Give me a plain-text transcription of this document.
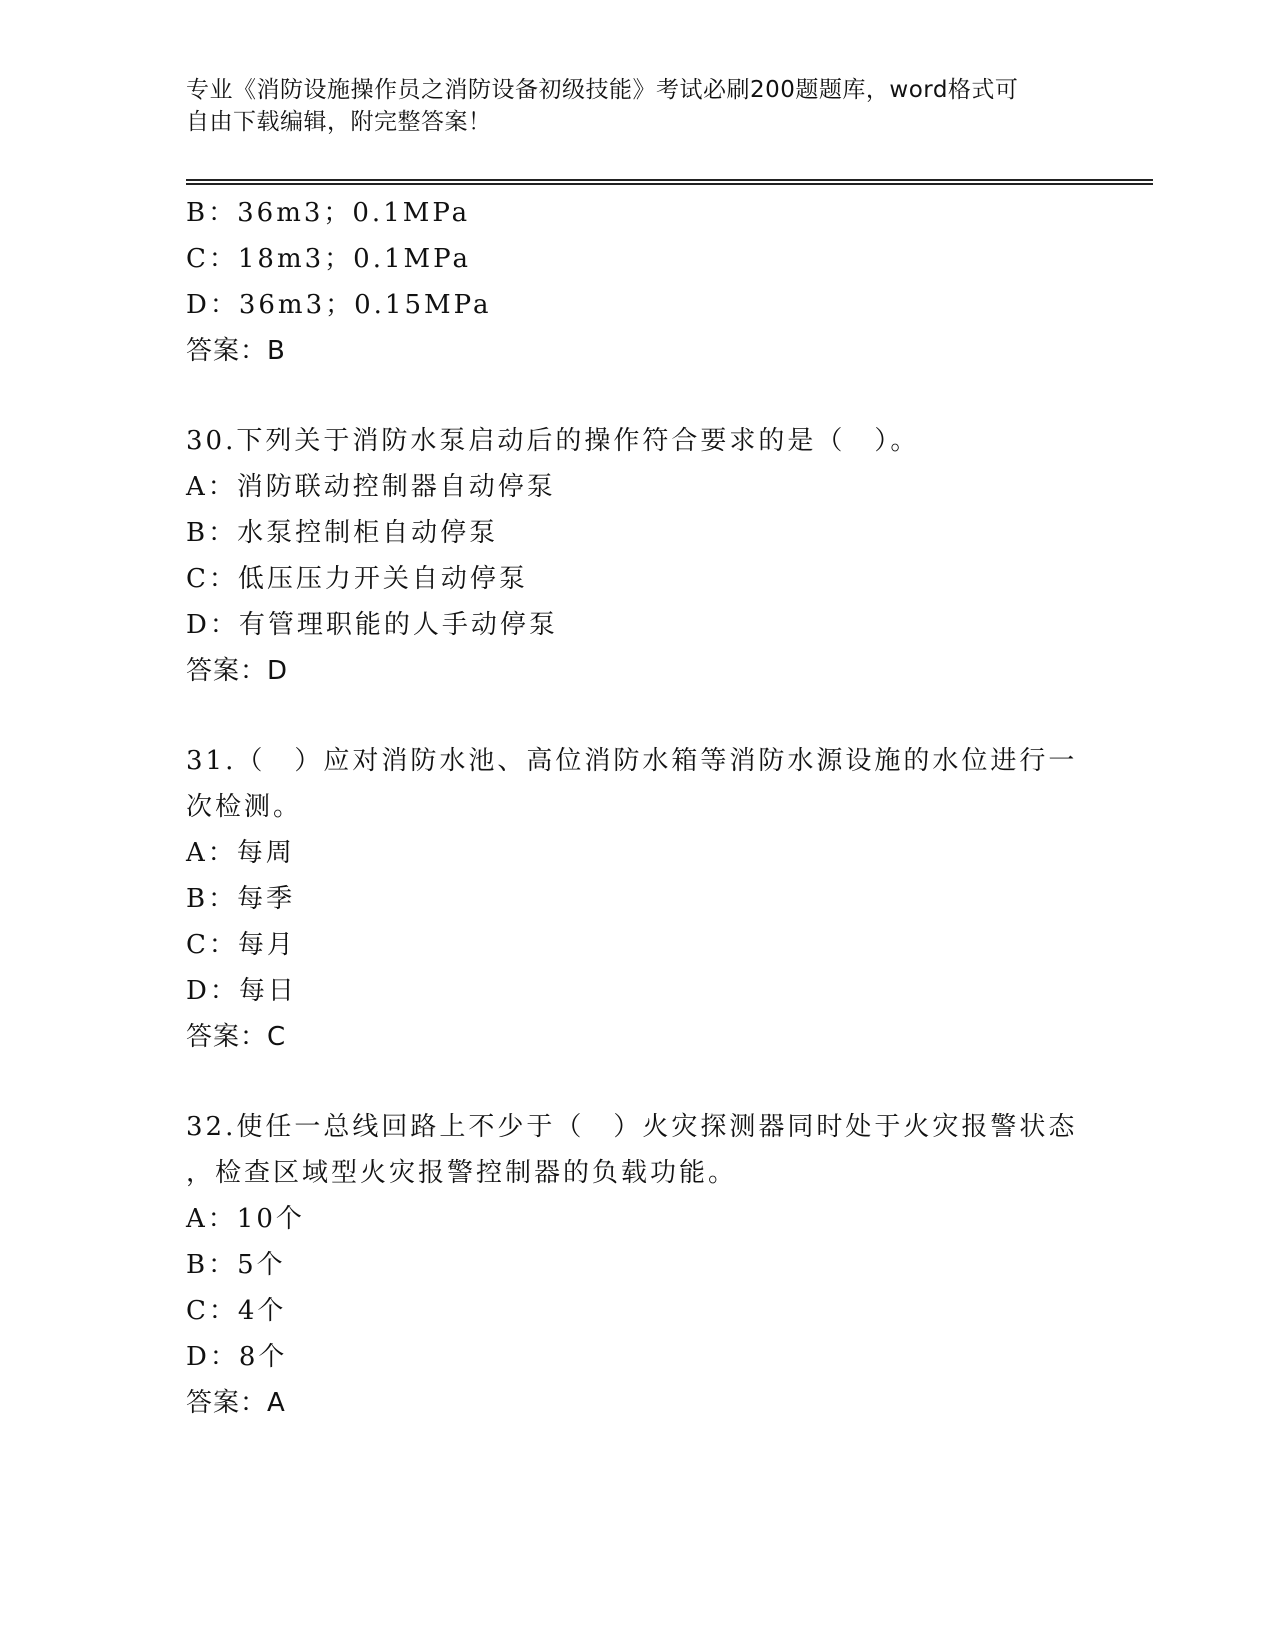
专业《消防设施操作员之消防设备初级技能》考试必刷200题题库，word格式可
自由下载编辑，附完整答案！
B：36m3；0.1MPa
C：18m3；0.1MPa
D：36m3；0.15MPa
答案：B
30.下列关于消防水泵启动后的操作符合要求的是（　）。
A：消防联动控制器自动停泵
B：水泵控制柜自动停泵
C：低压压力开关自动停泵
D：有管理职能的人手动停泵
答案：D
31.（　）应对消防水池、高位消防水箱等消防水源设施的水位进行一
次检测。
A：每周
B：每季
C：每月
D：每日
答案：C
32.使任一总线回路上不少于（　）火灾探测器同时处于火灾报警状态
，检查区域型火灾报警控制器的负载功能。
A：10个
B：5个
C：4个
D：8个
答案：A
